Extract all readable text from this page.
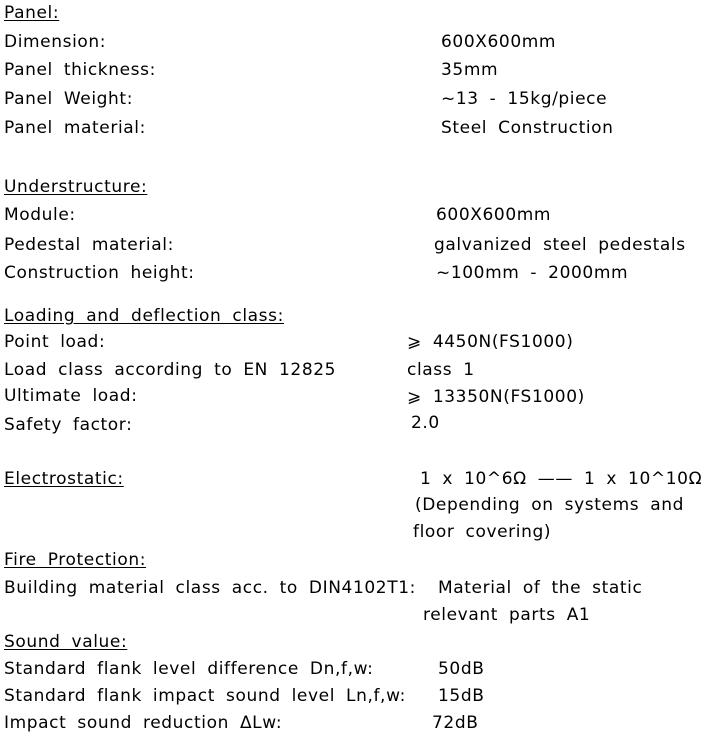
Panel:
Dimension:	600X600mm
Panel thickness:	35mm
Panel Weight:	~13 - 15kg/piece
Panel material:	Steel Construction
Understructure:
Module:	600X600mm
Pedestal material:	galvanized steel pedestals
Construction height:	~100mm - 2000mm
Loading and deflection class:
Point load:	⩾ 4450N(FS1000)
Load class according to EN 12825	class 1
Ultimate load:	⩾ 13350N(FS1000)
Safety factor:	2.0
Electrostatic:	1 x 10^6Ω —— 1 x 10^10Ω
(Depending on systems and
floor covering)
Fire Protection:
Building material class acc. to DIN4102T1: Material of the static
relevant parts A1
Sound value:
Standard flank level difference Dn,f,w:	50dB
Standard flank impact sound level Ln,f,w: 15dB
Impact sound reduction ΔLw:	72dB
